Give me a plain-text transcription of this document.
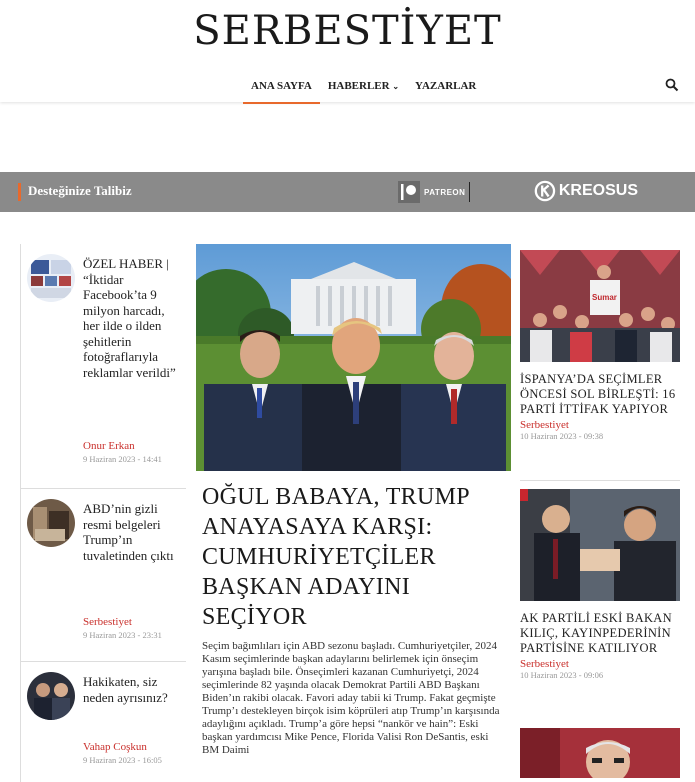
SERBESTİYET
ANA SAYFA	HABERLER ⌄	YAZARLAR
Desteğinize Talibiz	PATREON	KREOSUS
ÖZEL HABER | “İktidar Facebook’ta 9 milyon harcadı, her ilde o ilden şehitlerin fotoğraflarıyla reklamlar verildi”
Onur Erkan
9 Haziran 2023 - 14:41
ABD’nin gizli resmi belgeleri Trump’ın tuvaletinden çıktı
Serbestiyet
9 Haziran 2023 - 23:31
Hakikaten, siz neden ayrısınız?
Vahap Coşkun
9 Haziran 2023 - 16:05
OĞUL BABAYA, TRUMP ANAYASAYA KARŞI: CUMHURİYETÇİLER BAŞKAN ADAYINI SEÇİYOR
Seçim bağımlıları için ABD sezonu başladı. Cumhuriyetçiler, 2024 Kasım seçimlerinde başkan adaylarını belirlemek için önseçim yarışına başladı bile. Önseçimleri kazanan Cumhuriyetçi, 2024 seçimlerinde 82 yaşında olacak Demokrat Partili ABD Başkanı Biden’ın rakibi olacak. Favori aday tabii ki Trump. Fakat geçmişte Trump’ı destekleyen birçok isim köprüleri atıp Trump’ın karşısında adaylığını açıkladı. Trump’a göre hepsi “nankör ve hain”: Eski başkan yardımcısı Mike Pence, Florida Valisi Ron DeSantis, eski BM Daimi
Sumar
İSPANYA’DA SEÇİMLER ÖNCESİ SOL BİRLEŞTİ: 16 PARTİ İTTİFAK YAPIYOR
Serbestiyet
10 Haziran 2023 - 09:38
AK PARTİLİ ESKİ BAKAN KILIÇ, KAYINPEDERİNİN PARTİSİNE KATILIYOR
Serbestiyet
10 Haziran 2023 - 09:06
